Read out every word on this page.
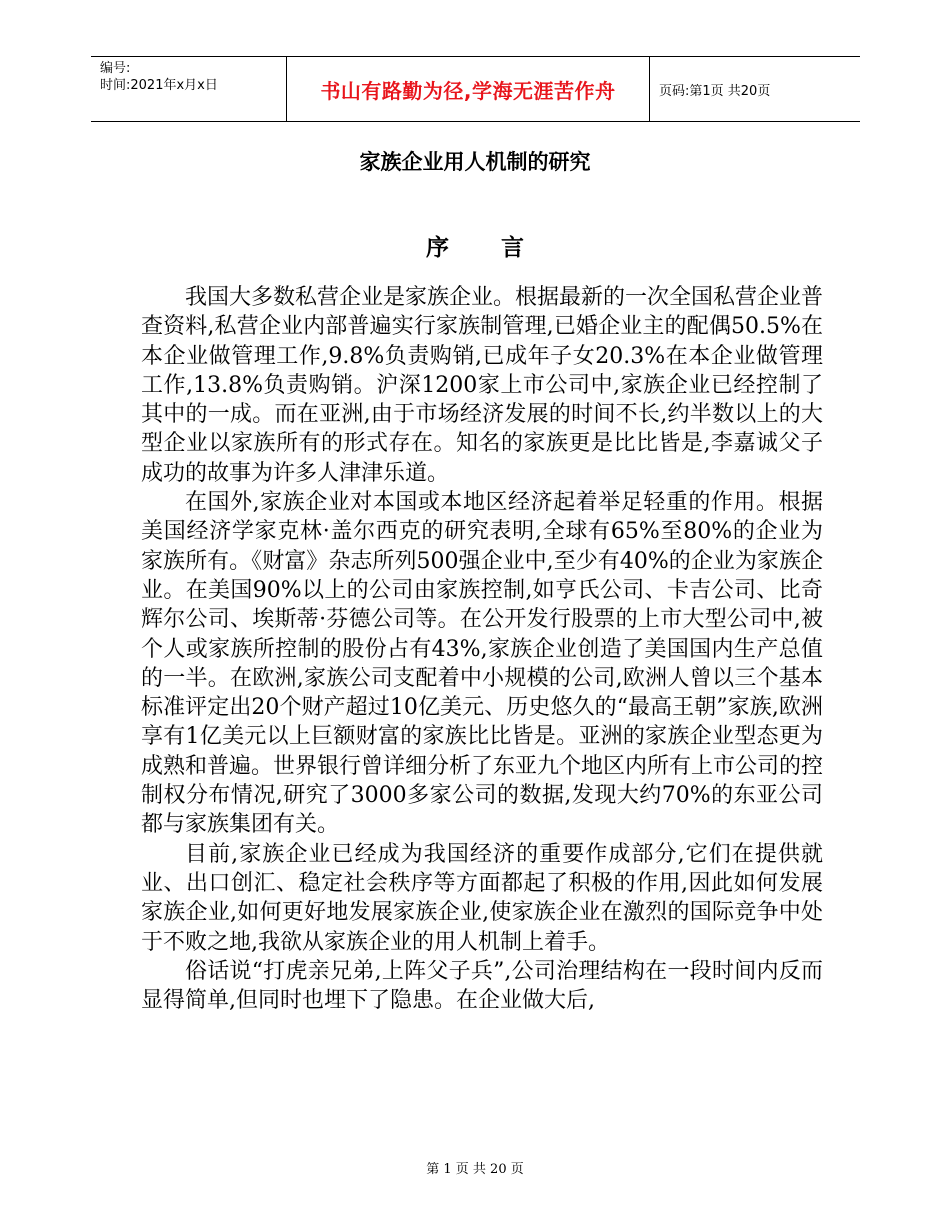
编号:
时间:2021年x月x日	书山有路勤为径,学海无涯苦作舟	页码:第1页 共20页
家族企业用人机制的研究
序言

我国大多数私营企业是家族企业。根据最新的一次全国私营企业普查资料,私营企业内部普遍实行家族制管理,已婚企业主的配偶50.5%在本企业做管理工作,9.8%负责购销,已成年子女20.3%在本企业做管理工作,13.8%负责购销。沪深1200家上市公司中,家族企业已经控制了其中的一成。而在亚洲,由于市场经济发展的时间不长,约半数以上的大型企业以家族所有的形式存在。知名的家族更是比比皆是,李嘉诚父子成功的故事为许多人津津乐道。

在国外,家族企业对本国或本地区经济起着举足轻重的作用。根据美国经济学家克林·盖尔西克的研究表明,全球有65%至80%的企业为家族所有。《财富》杂志所列500强企业中,至少有40%的企业为家族企业。在美国90%以上的公司由家族控制,如亨氏公司、卡吉公司、比奇辉尔公司、埃斯蒂·芬德公司等。在公开发行股票的上市大型公司中,被个人或家族所控制的股份占有43%,家族企业创造了美国国内生产总值的一半。在欧洲,家族公司支配着中小规模的公司,欧洲人曾以三个基本标准评定出20个财产超过10亿美元、历史悠久的“最高王朝”家族,欧洲享有1亿美元以上巨额财富的家族比比皆是。亚洲的家族企业型态更为成熟和普遍。世界银行曾详细分析了东亚九个地区内所有上市公司的控制权分布情况,研究了3000多家公司的数据,发现大约70%的东亚公司都与家族集团有关。

目前,家族企业已经成为我国经济的重要作成部分,它们在提供就业、出口创汇、稳定社会秩序等方面都起了积极的作用,因此如何发展家族企业,如何更好地发展家族企业,使家族企业在激烈的国际竞争中处于不败之地,我欲从家族企业的用人机制上着手。

俗话说“打虎亲兄弟,上阵父子兵”,公司治理结构在一段时间内反而显得简单,但同时也埋下了隐患。在企业做大后,

第 1 页 共 20 页
